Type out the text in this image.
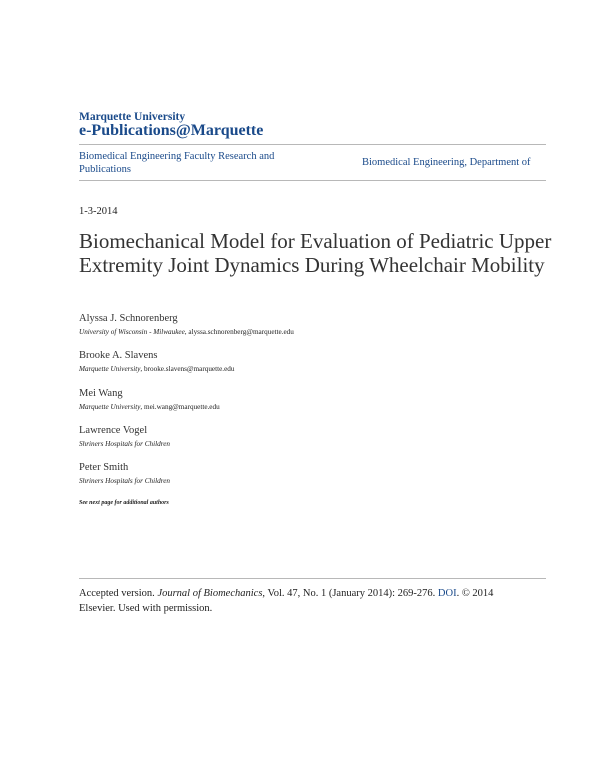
Marquette University
e-Publications@Marquette
Biomedical Engineering Faculty Research and Publications
Biomedical Engineering, Department of
1-3-2014
Biomechanical Model for Evaluation of Pediatric Upper Extremity Joint Dynamics During Wheelchair Mobility
Alyssa J. Schnorenberg
University of Wisconsin - Milwaukee, alyssa.schnorenberg@marquette.edu
Brooke A. Slavens
Marquette University, brooke.slavens@marquette.edu
Mei Wang
Marquette University, mei.wang@marquette.edu
Lawrence Vogel
Shriners Hospitals for Children
Peter Smith
Shriners Hospitals for Children
See next page for additional authors
Accepted version. Journal of Biomechanics, Vol. 47, No. 1 (January 2014): 269-276. DOI. © 2014 Elsevier. Used with permission.
